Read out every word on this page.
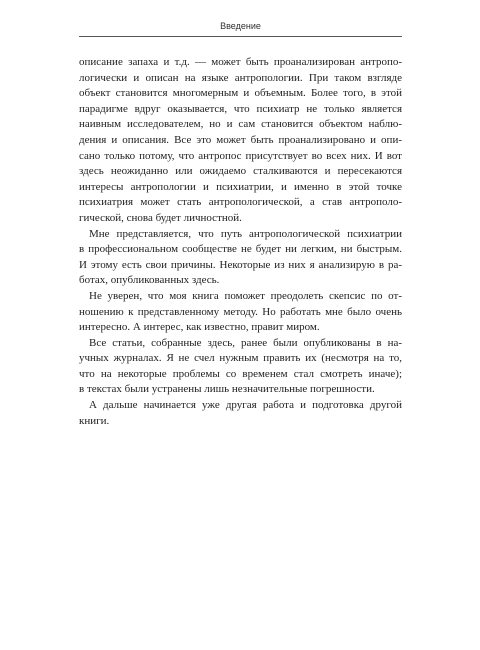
Введение
описание запаха и т.д. — может быть проанализирован антропо-
логически и описан на языке антропологии. При таком взгляде
объект становится многомерным и объемным. Более того, в этой
парадигме вдруг оказывается, что психиатр не только является
наивным исследователем, но и сам становится объектом наблю-
дения и описания. Все это может быть проанализировано и опи-
сано только потому, что антропос присутствует во всех них. И вот
здесь неожиданно или ожидаемо сталкиваются и пересекаются
интересы антропологии и психиатрии, и именно в этой точке
психиатрия может стать антропологической, а став антрополо-
гической, снова будет личностной.
Мне представляется, что путь антропологической психиатрии
в профессиональном сообществе не будет ни легким, ни быстрым.
И этому есть свои причины. Некоторые из них я анализирую в ра-
ботах, опубликованных здесь.
Не уверен, что моя книга поможет преодолеть скепсис по от-
ношению к представленному методу. Но работать мне было очень
интересно. А интерес, как известно, правит миром.
Все статьи, собранные здесь, ранее были опубликованы в на-
учных журналах. Я не счел нужным править их (несмотря на то,
что на некоторые проблемы со временем стал смотреть иначе);
в текстах были устранены лишь незначительные погрешности.
А дальше начинается уже другая работа и подготовка другой
книги.
